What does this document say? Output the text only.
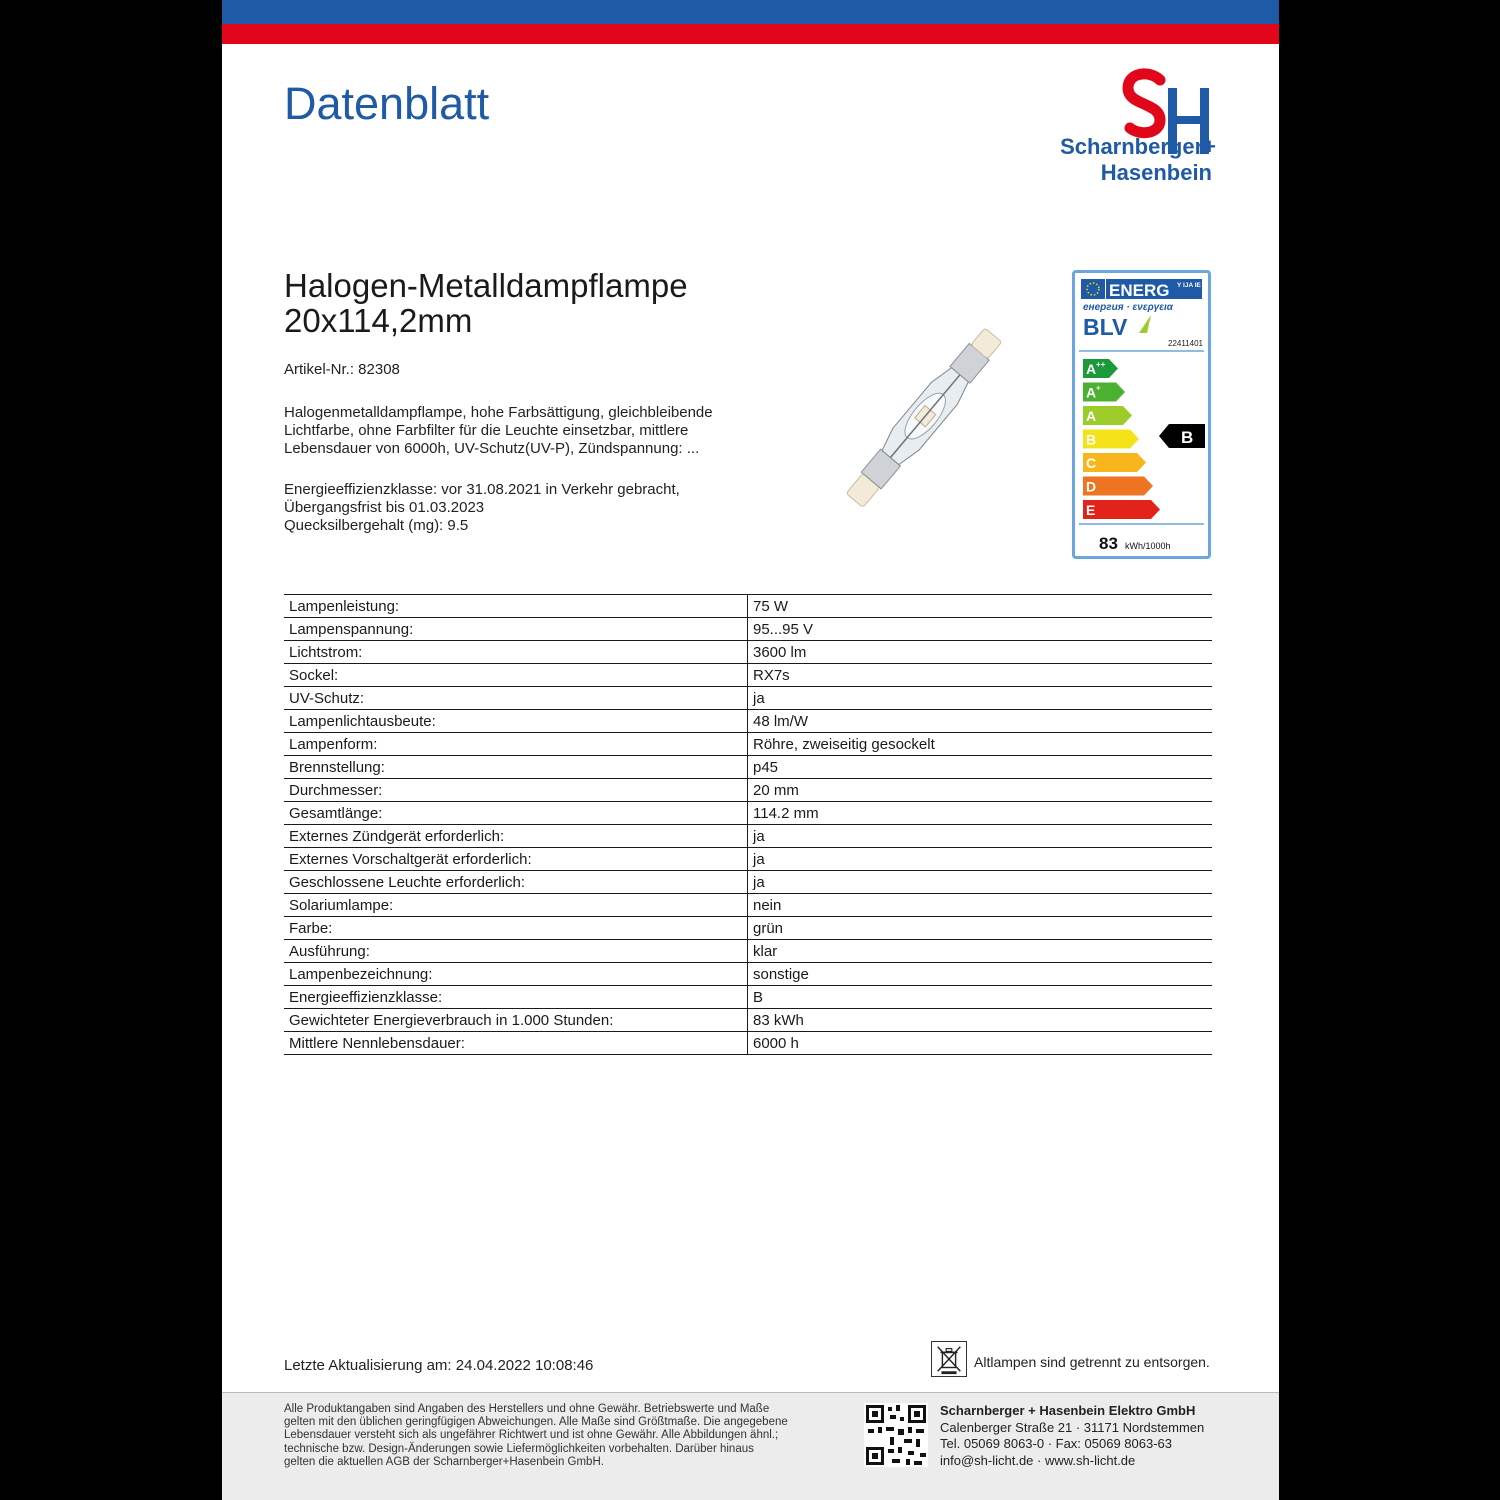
Datenblatt
Scharnberger+
Hasenbein
Halogen-Metalldampflampe
20x114,2mm
Artikel-Nr.: 82308
Halogenmetalldampflampe, hohe Farbsättigung, gleichbleibende
Lichtfarbe, ohne Farbfilter für die Leuchte einsetzbar, mittlere
Lebensdauer von 6000h, UV-Schutz(UV-P), Zündspannung: ...
Energieeffizienzklasse: vor 31.08.2021 in Verkehr gebracht,
Übergangsfrist bis 01.03.2023
Quecksilbergehalt (mg): 9.5
ENERG Y IJA IE IA
енергия · ενεργεια
BLV
22411401
A ++
A +
A
B
C
D
E
B
83 kWh/1000h
Lampenleistung:	75 W
Lampenspannung:	95...95 V
Lichtstrom:	3600 lm
Sockel:	RX7s
UV-Schutz:	ja
Lampenlichtausbeute:	48 lm/W
Lampenform:	Röhre, zweiseitig gesockelt
Brennstellung:	p45
Durchmesser:	20 mm
Gesamtlänge:	114.2 mm
Externes Zündgerät erforderlich:	ja
Externes Vorschaltgerät erforderlich:	ja
Geschlossene Leuchte erforderlich:	ja
Solariumlampe:	nein
Farbe:	grün
Ausführung:	klar
Lampenbezeichnung:	sonstige
Energieeffizienzklasse:	B
Gewichteter Energieverbrauch in 1.000 Stunden:	83 kWh
Mittlere Nennlebensdauer:	6000 h
Letzte Aktualisierung am: 24.04.2022 10:08:46	Altlampen sind getrennt zu entsorgen.
Alle Produktangaben sind Angaben des Herstellers und ohne Gewähr. Betriebswerte und Maße
gelten mit den üblichen geringfügigen Abweichungen. Alle Maße sind Größtmaße. Die angegebene
Lebensdauer versteht sich als ungefährer Richtwert und ist ohne Gewähr. Alle Abbildungen ähnl.;
technische bzw. Design-Änderungen sowie Liefermöglichkeiten vorbehalten. Darüber hinaus
gelten die aktuellen AGB der Scharnberger+Hasenbein GmbH.
Scharnberger + Hasenbein Elektro GmbH
Calenberger Straße 21 · 31171 Nordstemmen
Tel. 05069 8063-0 · Fax: 05069 8063-63
info@sh-licht.de · www.sh-licht.de
